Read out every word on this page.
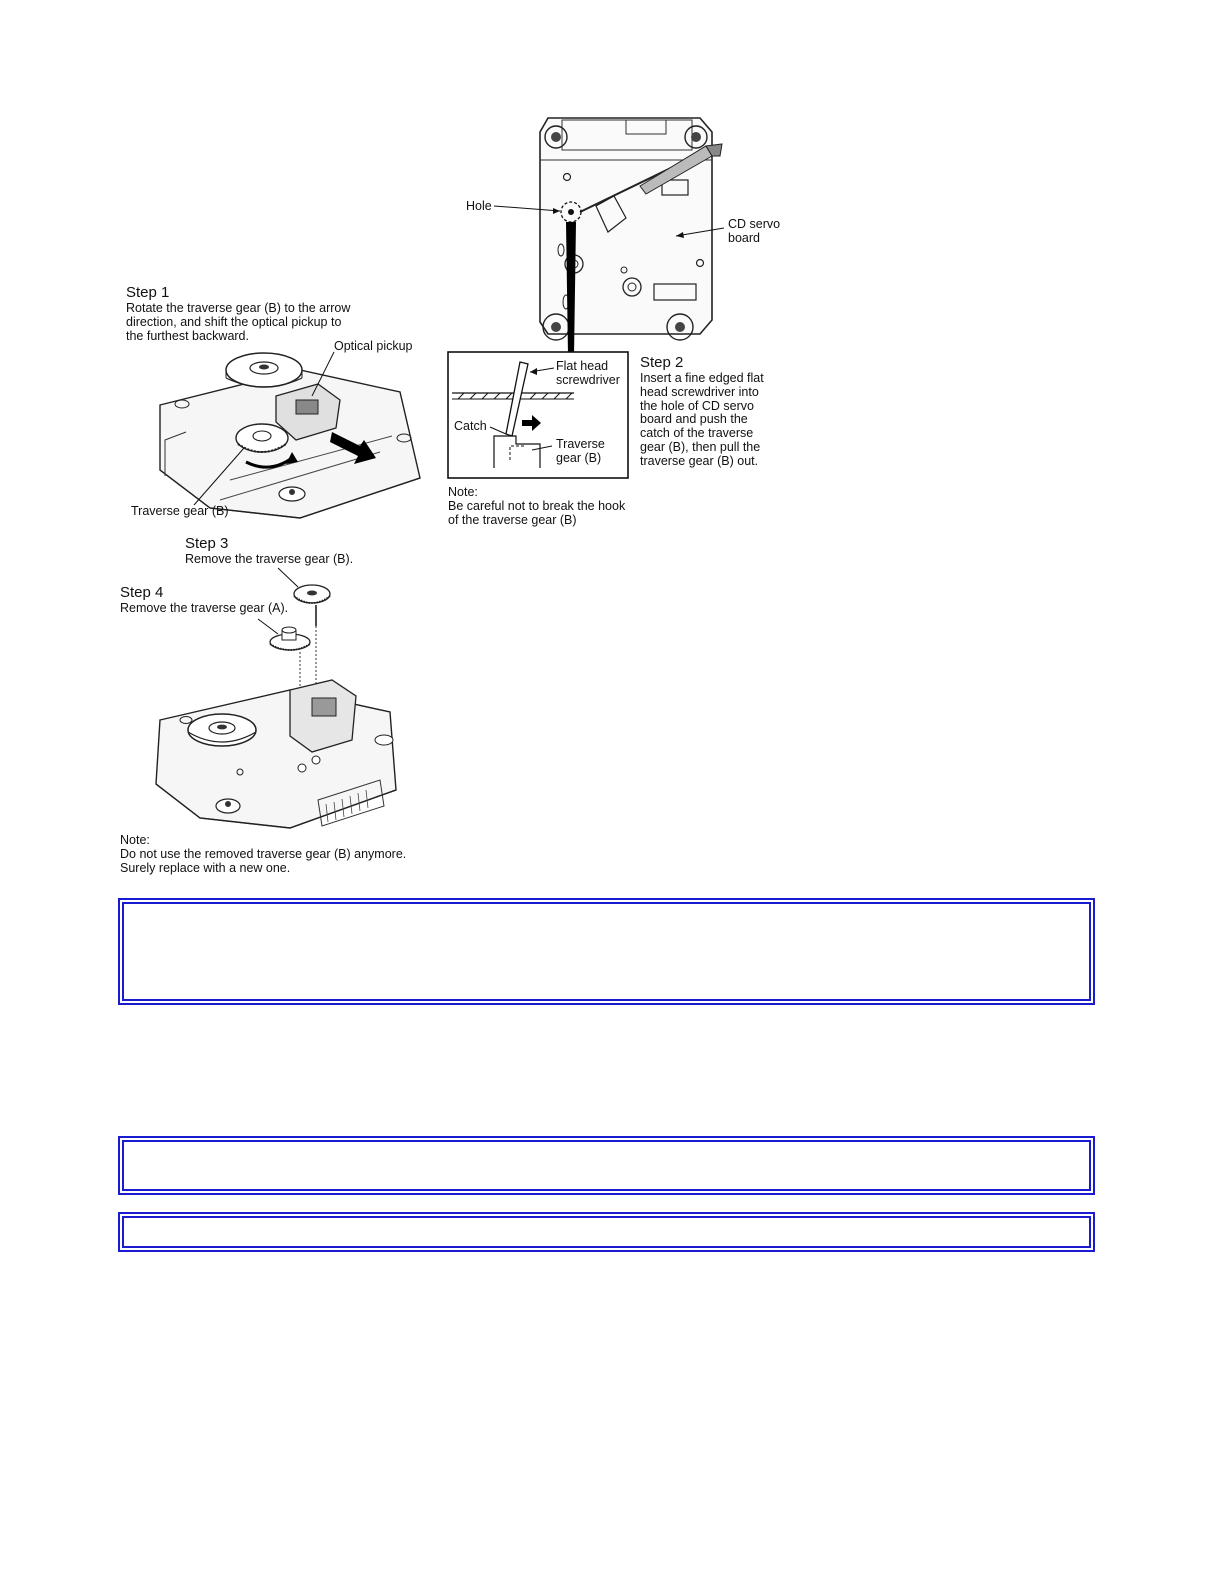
Hole
CD servo
board
Flat head
screwdriver
Catch
Traverse
gear (B)
Step 2
Insert a fine edged flat
head screwdriver into
the hole of CD servo
board and push the
catch of the traverse
gear (B), then pull the
traverse gear (B) out.
Note:
Be careful not to break the hook
of the traverse gear (B)
Step 1
Rotate the traverse gear (B) to the arrow
direction, and shift the optical pickup to
the furthest backward.
Optical pickup
Traverse gear (B)
Step 3
Remove the traverse gear (B).
Step 4
Remove the traverse gear (A).
Note:
Do not use the removed traverse gear (B) anymore.
Surely replace with a new one.
